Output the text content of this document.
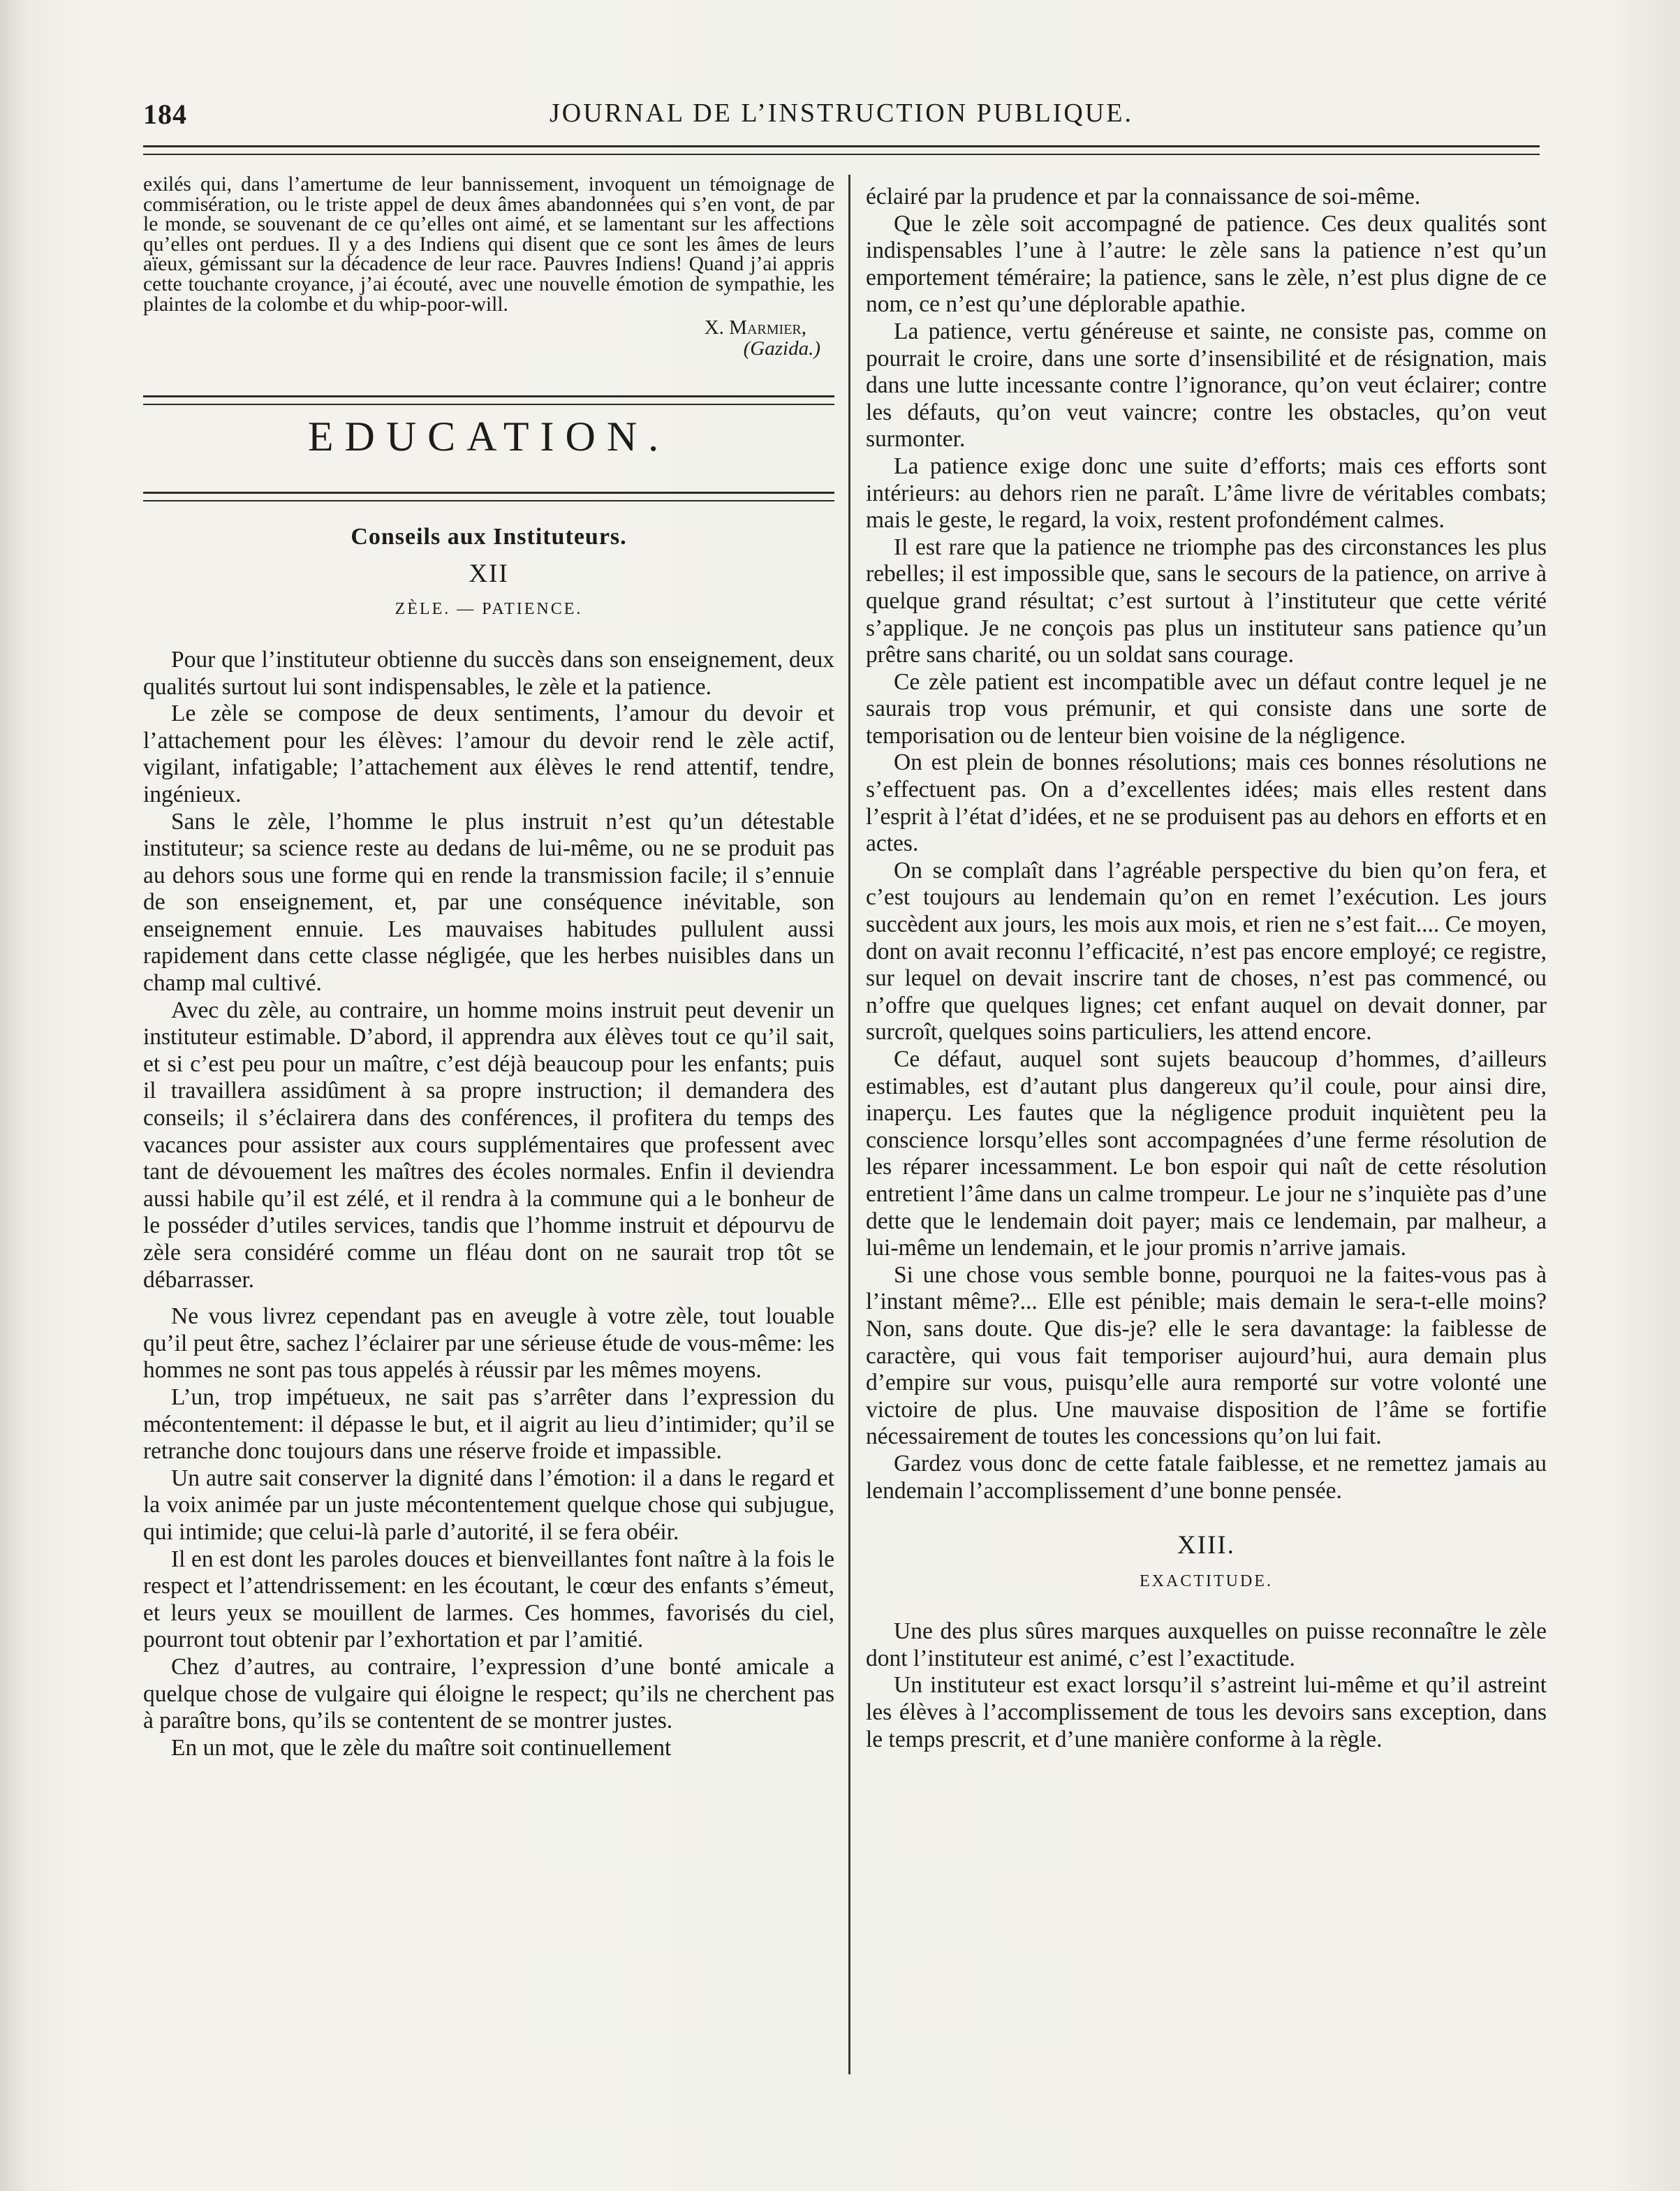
184	JOURNAL DE L’INSTRUCTION PUBLIQUE.

exilés qui, dans l’amertume de leur bannissement, invoquent un témoignage de commisération, ou le triste appel de deux âmes abandonnées qui s’en vont, de par le monde, se souvenant de ce qu’elles ont aimé, et se lamentant sur les affections qu’elles ont perdues. Il y a des Indiens qui disent que ce sont les âmes de leurs aïeux, gémissant sur la décadence de leur race. Pauvres Indiens! Quand j’ai appris cette touchante croyance, j’ai écouté, avec une nouvelle émotion de sympathie, les plaintes de la colombe et du whip-poor-will.

X. Marmier,
(Gazida.)
EDUCATION.
Conseils aux Instituteurs.
XII
ZÈLE. — PATIENCE.

Pour que l’instituteur obtienne du succès dans son enseignement, deux qualités surtout lui sont indispensables, le zèle et la patience.

Le zèle se compose de deux sentiments, l’amour du devoir et l’attachement pour les élèves: l’amour du devoir rend le zèle actif, vigilant, infatigable; l’attachement aux élèves le rend attentif, tendre, ingénieux.

Sans le zèle, l’homme le plus instruit n’est qu’un détestable instituteur; sa science reste au dedans de lui-même, ou ne se produit pas au dehors sous une forme qui en rende la transmission facile; il s’ennuie de son enseignement, et, par une conséquence inévitable, son enseignement ennuie. Les mauvaises habitudes pullulent aussi rapidement dans cette classe négligée, que les herbes nuisibles dans un champ mal cultivé.

Avec du zèle, au contraire, un homme moins instruit peut devenir un instituteur estimable. D’abord, il apprendra aux élèves tout ce qu’il sait, et si c’est peu pour un maître, c’est déjà beaucoup pour les enfants; puis il travaillera assidûment à sa propre instruction; il demandera des conseils; il s’éclairera dans des conférences, il profitera du temps des vacances pour assister aux cours supplémentaires que professent avec tant de dévouement les maîtres des écoles normales. Enfin il deviendra aussi habile qu’il est zélé, et il rendra à la commune qui a le bonheur de le posséder d’utiles services, tandis que l’homme instruit et dépourvu de zèle sera considéré comme un fléau dont on ne saurait trop tôt se débarrasser.

Ne vous livrez cependant pas en aveugle à votre zèle, tout louable qu’il peut être, sachez l’éclairer par une sérieuse étude de vous-même: les hommes ne sont pas tous appelés à réussir par les mêmes moyens.

L’un, trop impétueux, ne sait pas s’arrêter dans l’expression du mécontentement: il dépasse le but, et il aigrit au lieu d’intimider; qu’il se retranche donc toujours dans une réserve froide et impassible.

Un autre sait conserver la dignité dans l’émotion: il a dans le regard et la voix animée par un juste mécontentement quelque chose qui subjugue, qui intimide; que celui-là parle d’autorité, il se fera obéir.

Il en est dont les paroles douces et bienveillantes font naître à la fois le respect et l’attendrissement: en les écoutant, le cœur des enfants s’émeut, et leurs yeux se mouillent de larmes. Ces hommes, favorisés du ciel, pourront tout obtenir par l’exhortation et par l’amitié.

Chez d’autres, au contraire, l’expression d’une bonté amicale a quelque chose de vulgaire qui éloigne le respect; qu’ils ne cherchent pas à paraître bons, qu’ils se contentent de se montrer justes.

En un mot, que le zèle du maître soit continuellement

éclairé par la prudence et par la connaissance de soi-même.

Que le zèle soit accompagné de patience. Ces deux qualités sont indispensables l’une à l’autre: le zèle sans la patience n’est qu’un emportement téméraire; la patience, sans le zèle, n’est plus digne de ce nom, ce n’est qu’une déplorable apathie.

La patience, vertu généreuse et sainte, ne consiste pas, comme on pourrait le croire, dans une sorte d’insensibilité et de résignation, mais dans une lutte incessante contre l’ignorance, qu’on veut éclairer; contre les défauts, qu’on veut vaincre; contre les obstacles, qu’on veut surmonter.

La patience exige donc une suite d’efforts; mais ces efforts sont intérieurs: au dehors rien ne paraît. L’âme livre de véritables combats; mais le geste, le regard, la voix, restent profondément calmes.

Il est rare que la patience ne triomphe pas des circonstances les plus rebelles; il est impossible que, sans le secours de la patience, on arrive à quelque grand résultat; c’est surtout à l’instituteur que cette vérité s’applique. Je ne conçois pas plus un instituteur sans patience qu’un prêtre sans charité, ou un soldat sans courage.

Ce zèle patient est incompatible avec un défaut contre lequel je ne saurais trop vous prémunir, et qui consiste dans une sorte de temporisation ou de lenteur bien voisine de la négligence.

On est plein de bonnes résolutions; mais ces bonnes résolutions ne s’effectuent pas. On a d’excellentes idées; mais elles restent dans l’esprit à l’état d’idées, et ne se produisent pas au dehors en efforts et en actes.

On se complaît dans l’agréable perspective du bien qu’on fera, et c’est toujours au lendemain qu’on en remet l’exécution. Les jours succèdent aux jours, les mois aux mois, et rien ne s’est fait.... Ce moyen, dont on avait reconnu l’efficacité, n’est pas encore employé; ce registre, sur lequel on devait inscrire tant de choses, n’est pas commencé, ou n’offre que quelques lignes; cet enfant auquel on devait donner, par surcroît, quelques soins particuliers, les attend encore.

Ce défaut, auquel sont sujets beaucoup d’hommes, d’ailleurs estimables, est d’autant plus dangereux qu’il coule, pour ainsi dire, inaperçu. Les fautes que la négligence produit inquiètent peu la conscience lorsqu’elles sont accompagnées d’une ferme résolution de les réparer incessamment. Le bon espoir qui naît de cette résolution entretient l’âme dans un calme trompeur. Le jour ne s’inquiète pas d’une dette que le lendemain doit payer; mais ce lendemain, par malheur, a lui-même un lendemain, et le jour promis n’arrive jamais.

Si une chose vous semble bonne, pourquoi ne la faites-vous pas à l’instant même?... Elle est pénible; mais demain le sera-t-elle moins? Non, sans doute. Que dis-je? elle le sera davantage: la faiblesse de caractère, qui vous fait temporiser aujourd’hui, aura demain plus d’empire sur vous, puisqu’elle aura remporté sur votre volonté une victoire de plus. Une mauvaise disposition de l’âme se fortifie nécessairement de toutes les concessions qu’on lui fait.

Gardez vous donc de cette fatale faiblesse, et ne remettez jamais au lendemain l’accomplissement d’une bonne pensée.

XIII.
EXACTITUDE.

Une des plus sûres marques auxquelles on puisse reconnaître le zèle dont l’instituteur est animé, c’est l’exactitude.

Un instituteur est exact lorsqu’il s’astreint lui-même et qu’il astreint les élèves à l’accomplissement de tous les devoirs sans exception, dans le temps prescrit, et d’une manière conforme à la règle.
